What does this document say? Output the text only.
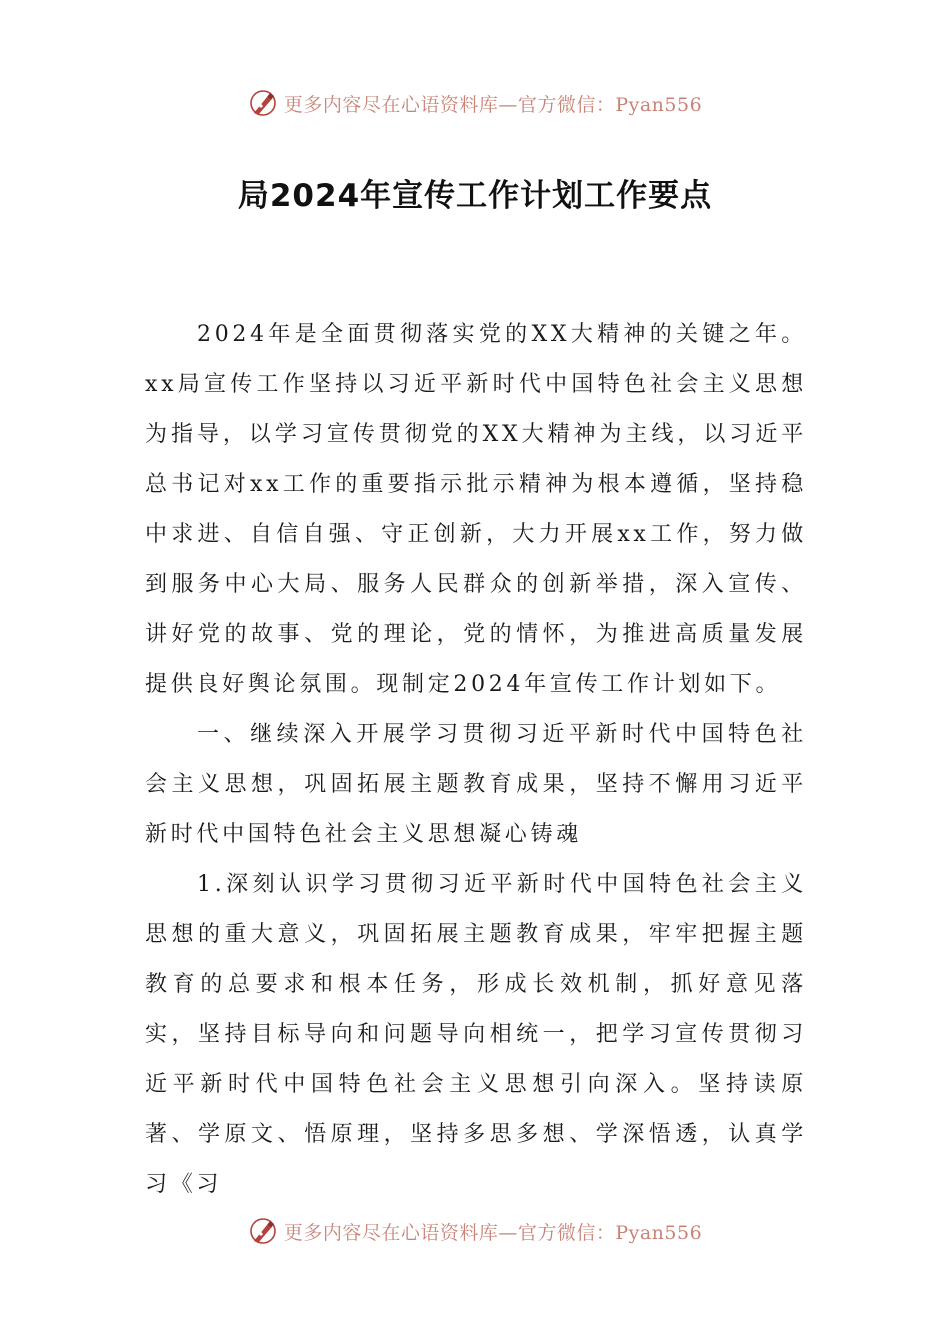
更多内容尽在心语资料库—官方微信：Pyan556
局2024年宣传工作计划工作要点

2024年是全面贯彻落实党的XX大精神的关键之年。xx局宣传工作坚持以习近平新时代中国特色社会主义思想为指导，以学习宣传贯彻党的XX大精神为主线，以习近平总书记对xx工作的重要指示批示精神为根本遵循，坚持稳中求进、自信自强、守正创新，大力开展xx工作，努力做到服务中心大局、服务人民群众的创新举措，深入宣传、讲好党的故事、党的理论，党的情怀，为推进高质量发展提供良好舆论氛围。现制定2024年宣传工作计划如下。

一、继续深入开展学习贯彻习近平新时代中国特色社会主义思想，巩固拓展主题教育成果，坚持不懈用习近平新时代中国特色社会主义思想凝心铸魂

1.深刻认识学习贯彻习近平新时代中国特色社会主义思想的重大意义，巩固拓展主题教育成果，牢牢把握主题教育的总要求和根本任务，形成长效机制，抓好意见落实，坚持目标导向和问题导向相统一，把学习宣传贯彻习近平新时代中国特色社会主义思想引向深入。坚持读原著、学原文、悟原理，坚持多思多想、学深悟透，认真学习《习

更多内容尽在心语资料库—官方微信：Pyan556
